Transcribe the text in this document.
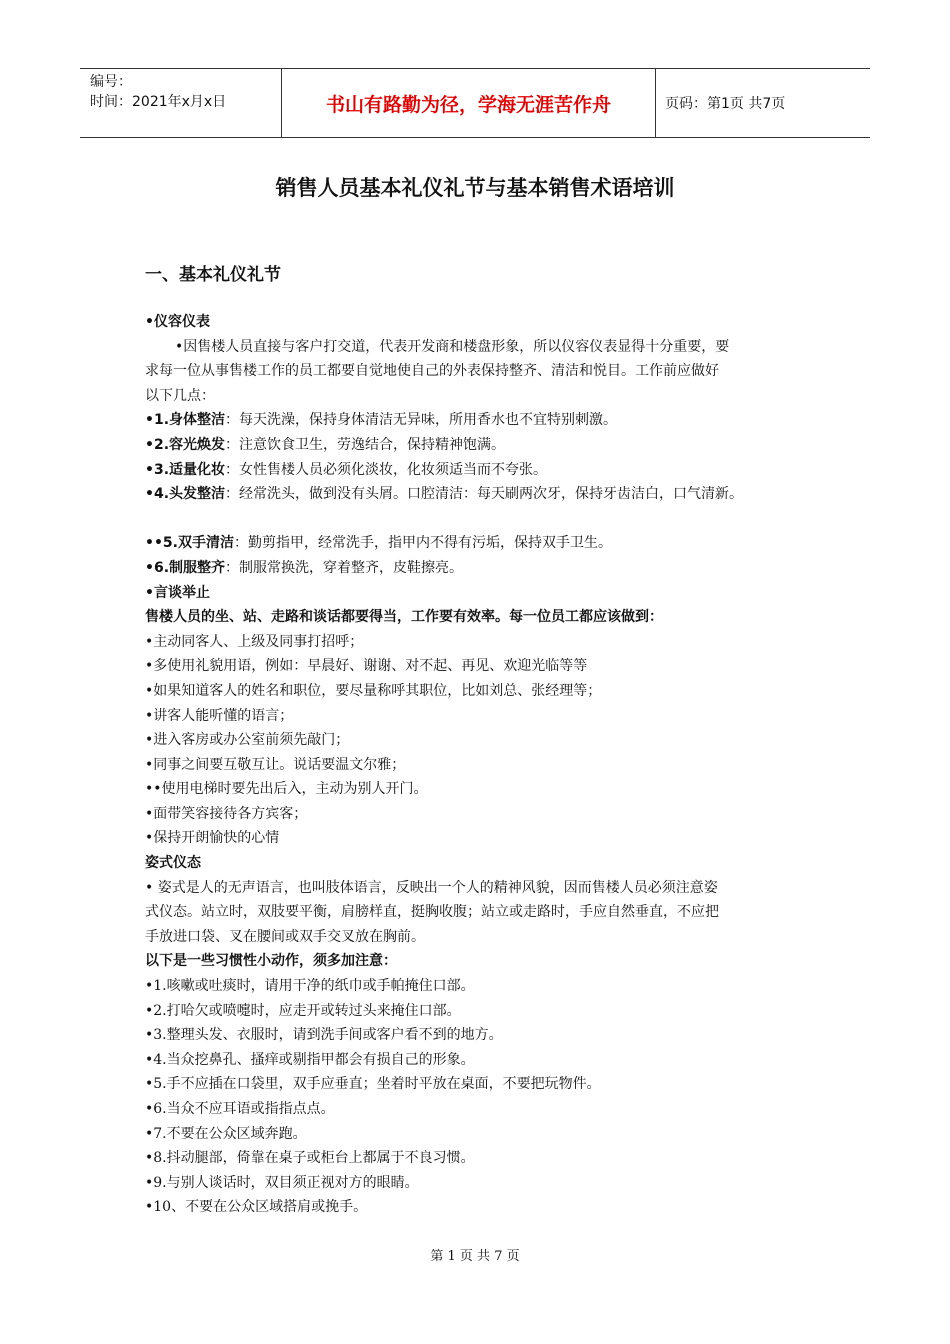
编号：
时间：2021年x月x日	书山有路勤为径，学海无涯苦作舟	页码：第1页 共7页
销售人员基本礼仪礼节与基本销售术语培训
一、基本礼仪礼节
•仪容仪表
•因售楼人员直接与客户打交道，代表开发商和楼盘形象，所以仪容仪表显得十分重要，要
求每一位从事售楼工作的员工都要自觉地使自己的外表保持整齐、清洁和悦目。工作前应做好
以下几点：
•1.身体整洁：每天洗澡，保持身体清洁无异味，所用香水也不宜特别刺激。
•2.容光焕发：注意饮食卫生，劳逸结合，保持精神饱满。
•3.适量化妆：女性售楼人员必须化淡妆，化妆须适当而不夸张。
•4.头发整洁：经常洗头，做到没有头屑。口腔清洁：每天刷两次牙，保持牙齿洁白，口气清新。
••5.双手清洁：勤剪指甲，经常洗手，指甲内不得有污垢，保持双手卫生。
•6.制服整齐：制服常换洗，穿着整齐，皮鞋擦亮。
•言谈举止
售楼人员的坐、站、走路和谈话都要得当，工作要有效率。每一位员工都应该做到：
•主动同客人、上级及同事打招呼；
•多使用礼貌用语，例如：早晨好、谢谢、对不起、再见、欢迎光临等等
•如果知道客人的姓名和职位，要尽量称呼其职位，比如刘总、张经理等；
•讲客人能听懂的语言；
•进入客房或办公室前须先敲门；
•同事之间要互敬互让。说话要温文尔雅；
••使用电梯时要先出后入，主动为别人开门。
•面带笑容接待各方宾客；
•保持开朗愉快的心情
姿式仪态
• 姿式是人的无声语言，也叫肢体语言，反映出一个人的精神风貌，因而售楼人员必须注意姿
式仪态。站立时，双肢要平衡，肩膀样直，挺胸收腹；站立或走路时，手应自然垂直，不应把
手放进口袋、叉在腰间或双手交叉放在胸前。
以下是一些习惯性小动作，须多加注意：
•1.咳嗽或吐痰时，请用干净的纸巾或手帕掩住口部。
•2.打哈欠或喷嚏时，应走开或转过头来掩住口部。
•3.整理头发、衣服时，请到洗手间或客户看不到的地方。
•4.当众挖鼻孔、搔痒或剔指甲都会有损自己的形象。
•5.手不应插在口袋里，双手应垂直；坐着时平放在桌面，不要把玩物件。
•6.当众不应耳语或指指点点。
•7.不要在公众区域奔跑。
•8.抖动腿部，倚靠在桌子或柜台上都属于不良习惯。
•9.与别人谈话时，双目须正视对方的眼睛。
•10、不要在公众区域搭肩或挽手。
第 1 页 共 7 页
